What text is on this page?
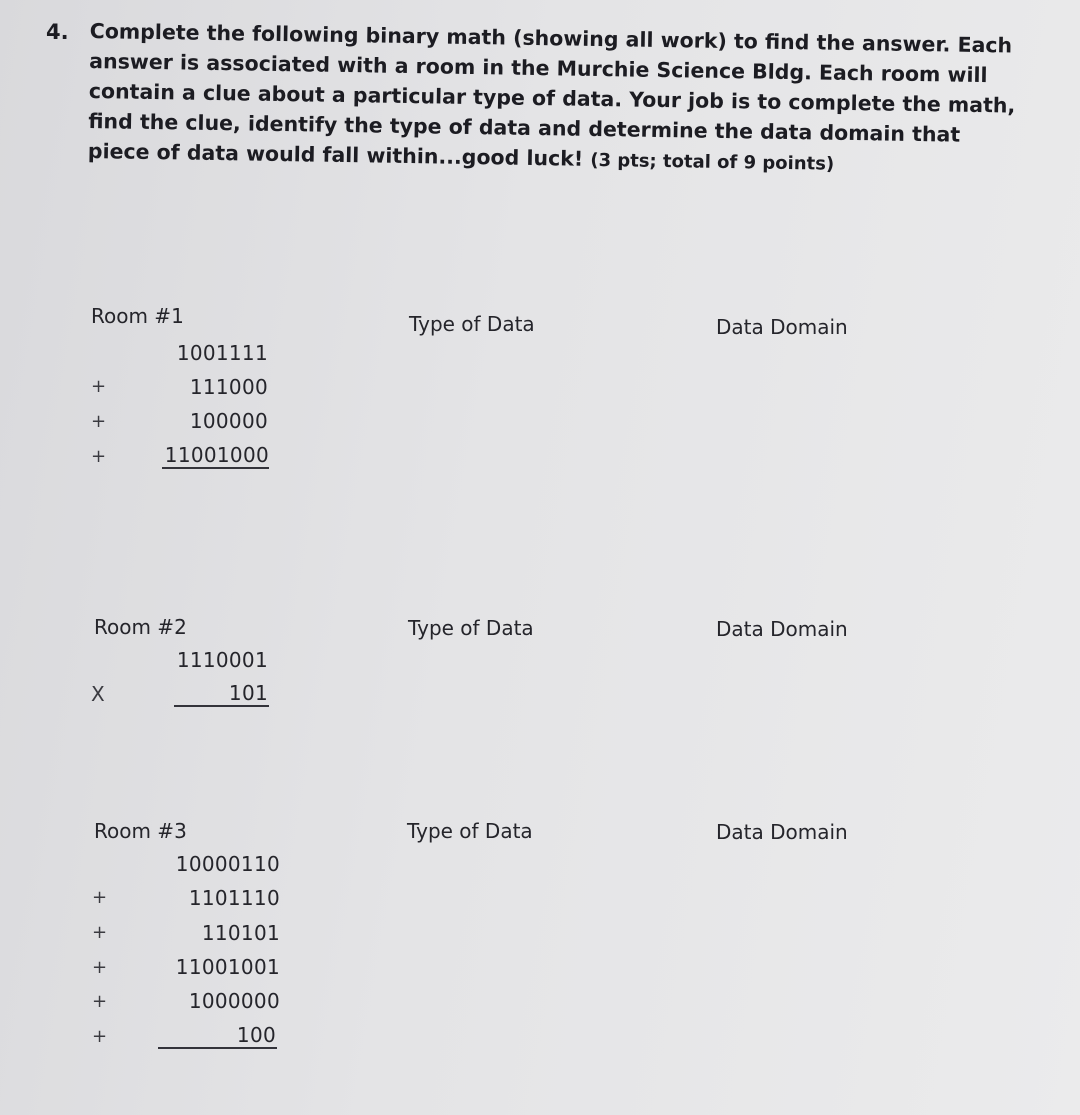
4. Complete the following binary math (showing all work) to find the answer. Each answer is associated with a room in the Murchie Science Bldg. Each room will contain a clue about a particular type of data. Your job is to complete the math, find the clue, identify the type of data and determine the data domain that piece of data would fall within...good luck! (3 pts; total of 9 points)
Room #1	Type of Data	Data Domain
1001111
+	111000
+	100000
+	11001000
Room #2	Type of Data	Data Domain
1110001
X	101
Room #3	Type of Data	Data Domain
10000110
+	1101110
+	110101
+	11001001
+	1000000
+	100
